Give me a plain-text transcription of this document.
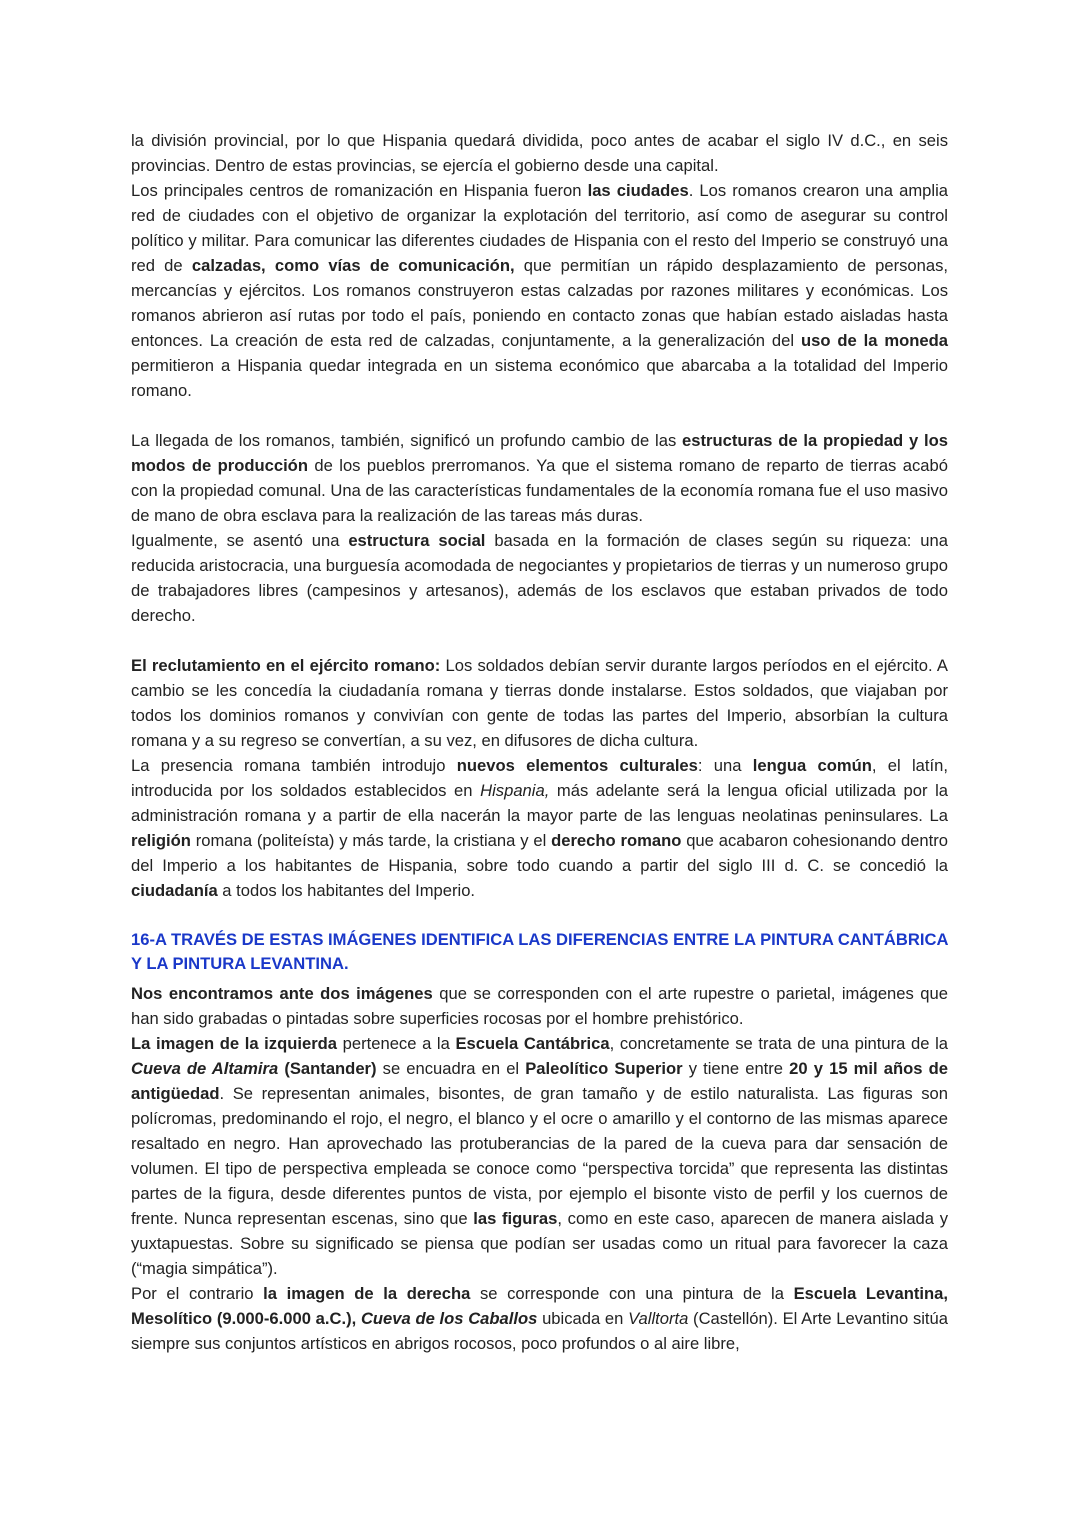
la división provincial, por lo que Hispania quedará dividida, poco antes de acabar el siglo IV d.C., en seis provincias. Dentro de estas provincias, se ejercía el gobierno desde una capital.

Los principales centros de romanización en Hispania fueron las ciudades. Los romanos crearon una amplia red de ciudades con el objetivo de organizar la explotación del territorio, así como de asegurar su control político y militar. Para comunicar las diferentes ciudades de Hispania con el resto del Imperio se construyó una red de calzadas, como vías de comunicación, que permitían un rápido desplazamiento de personas, mercancías y ejércitos. Los romanos construyeron estas calzadas por razones militares y económicas. Los romanos abrieron así rutas por todo el país, poniendo en contacto zonas que habían estado aisladas hasta entonces. La creación de esta red de calzadas, conjuntamente, a la generalización del uso de la moneda permitieron a Hispania quedar integrada en un sistema económico que abarcaba a la totalidad del Imperio romano.

La llegada de los romanos, también, significó un profundo cambio de las estructuras de la propiedad y los modos de producción de los pueblos prerromanos. Ya que el sistema romano de reparto de tierras acabó con la propiedad comunal. Una de las características fundamentales de la economía romana fue el uso masivo de mano de obra esclava para la realización de las tareas más duras.

Igualmente, se asentó una estructura social basada en la formación de clases según su riqueza: una reducida aristocracia, una burguesía acomodada de negociantes y propietarios de tierras y un numeroso grupo de trabajadores libres (campesinos y artesanos), además de los esclavos que estaban privados de todo derecho.

El reclutamiento en el ejército romano: Los soldados debían servir durante largos períodos en el ejército. A cambio se les concedía la ciudadanía romana y tierras donde instalarse. Estos soldados, que viajaban por todos los dominios romanos y convivían con gente de todas las partes del Imperio, absorbían la cultura romana y a su regreso se convertían, a su vez, en difusores de dicha cultura.

La presencia romana también introdujo nuevos elementos culturales: una lengua común, el latín, introducida por los soldados establecidos en Hispania, más adelante será la lengua oficial utilizada por la administración romana y a partir de ella nacerán la mayor parte de las lenguas neolatinas peninsulares. La religión romana (politeísta) y más tarde, la cristiana y el derecho romano que acabaron cohesionando dentro del Imperio a los habitantes de Hispania, sobre todo cuando a partir del siglo III d. C. se concedió la ciudadanía a todos los habitantes del Imperio.

16-A TRAVÉS DE ESTAS IMÁGENES IDENTIFICA LAS DIFERENCIAS ENTRE LA PINTURA CANTÁBRICA Y LA PINTURA LEVANTINA.

Nos encontramos ante dos imágenes que se corresponden con el arte rupestre o parietal, imágenes que han sido grabadas o pintadas sobre superficies rocosas por el hombre prehistórico.

La imagen de la izquierda pertenece a la Escuela Cantábrica, concretamente se trata de una pintura de la Cueva de Altamira (Santander) se encuadra en el Paleolítico Superior y tiene entre 20 y 15 mil años de antigüedad. Se representan animales, bisontes, de gran tamaño y de estilo naturalista. Las figuras son polícromas, predominando el rojo, el negro, el blanco y el ocre o amarillo y el contorno de las mismas aparece resaltado en negro. Han aprovechado las protuberancias de la pared de la cueva para dar sensación de volumen. El tipo de perspectiva empleada se conoce como “perspectiva torcida” que representa las distintas partes de la figura, desde diferentes puntos de vista, por ejemplo el bisonte visto de perfil y los cuernos de frente. Nunca representan escenas, sino que las figuras, como en este caso, aparecen de manera aislada y yuxtapuestas. Sobre su significado se piensa que podían ser usadas como un ritual para favorecer la caza (“magia simpática”).

Por el contrario la imagen de la derecha se corresponde con una pintura de la Escuela Levantina, Mesolítico (9.000-6.000 a.C.), Cueva de los Caballos ubicada en Valltorta (Castellón). El Arte Levantino sitúa siempre sus conjuntos artísticos en abrigos rocosos, poco profundos o al aire libre,
